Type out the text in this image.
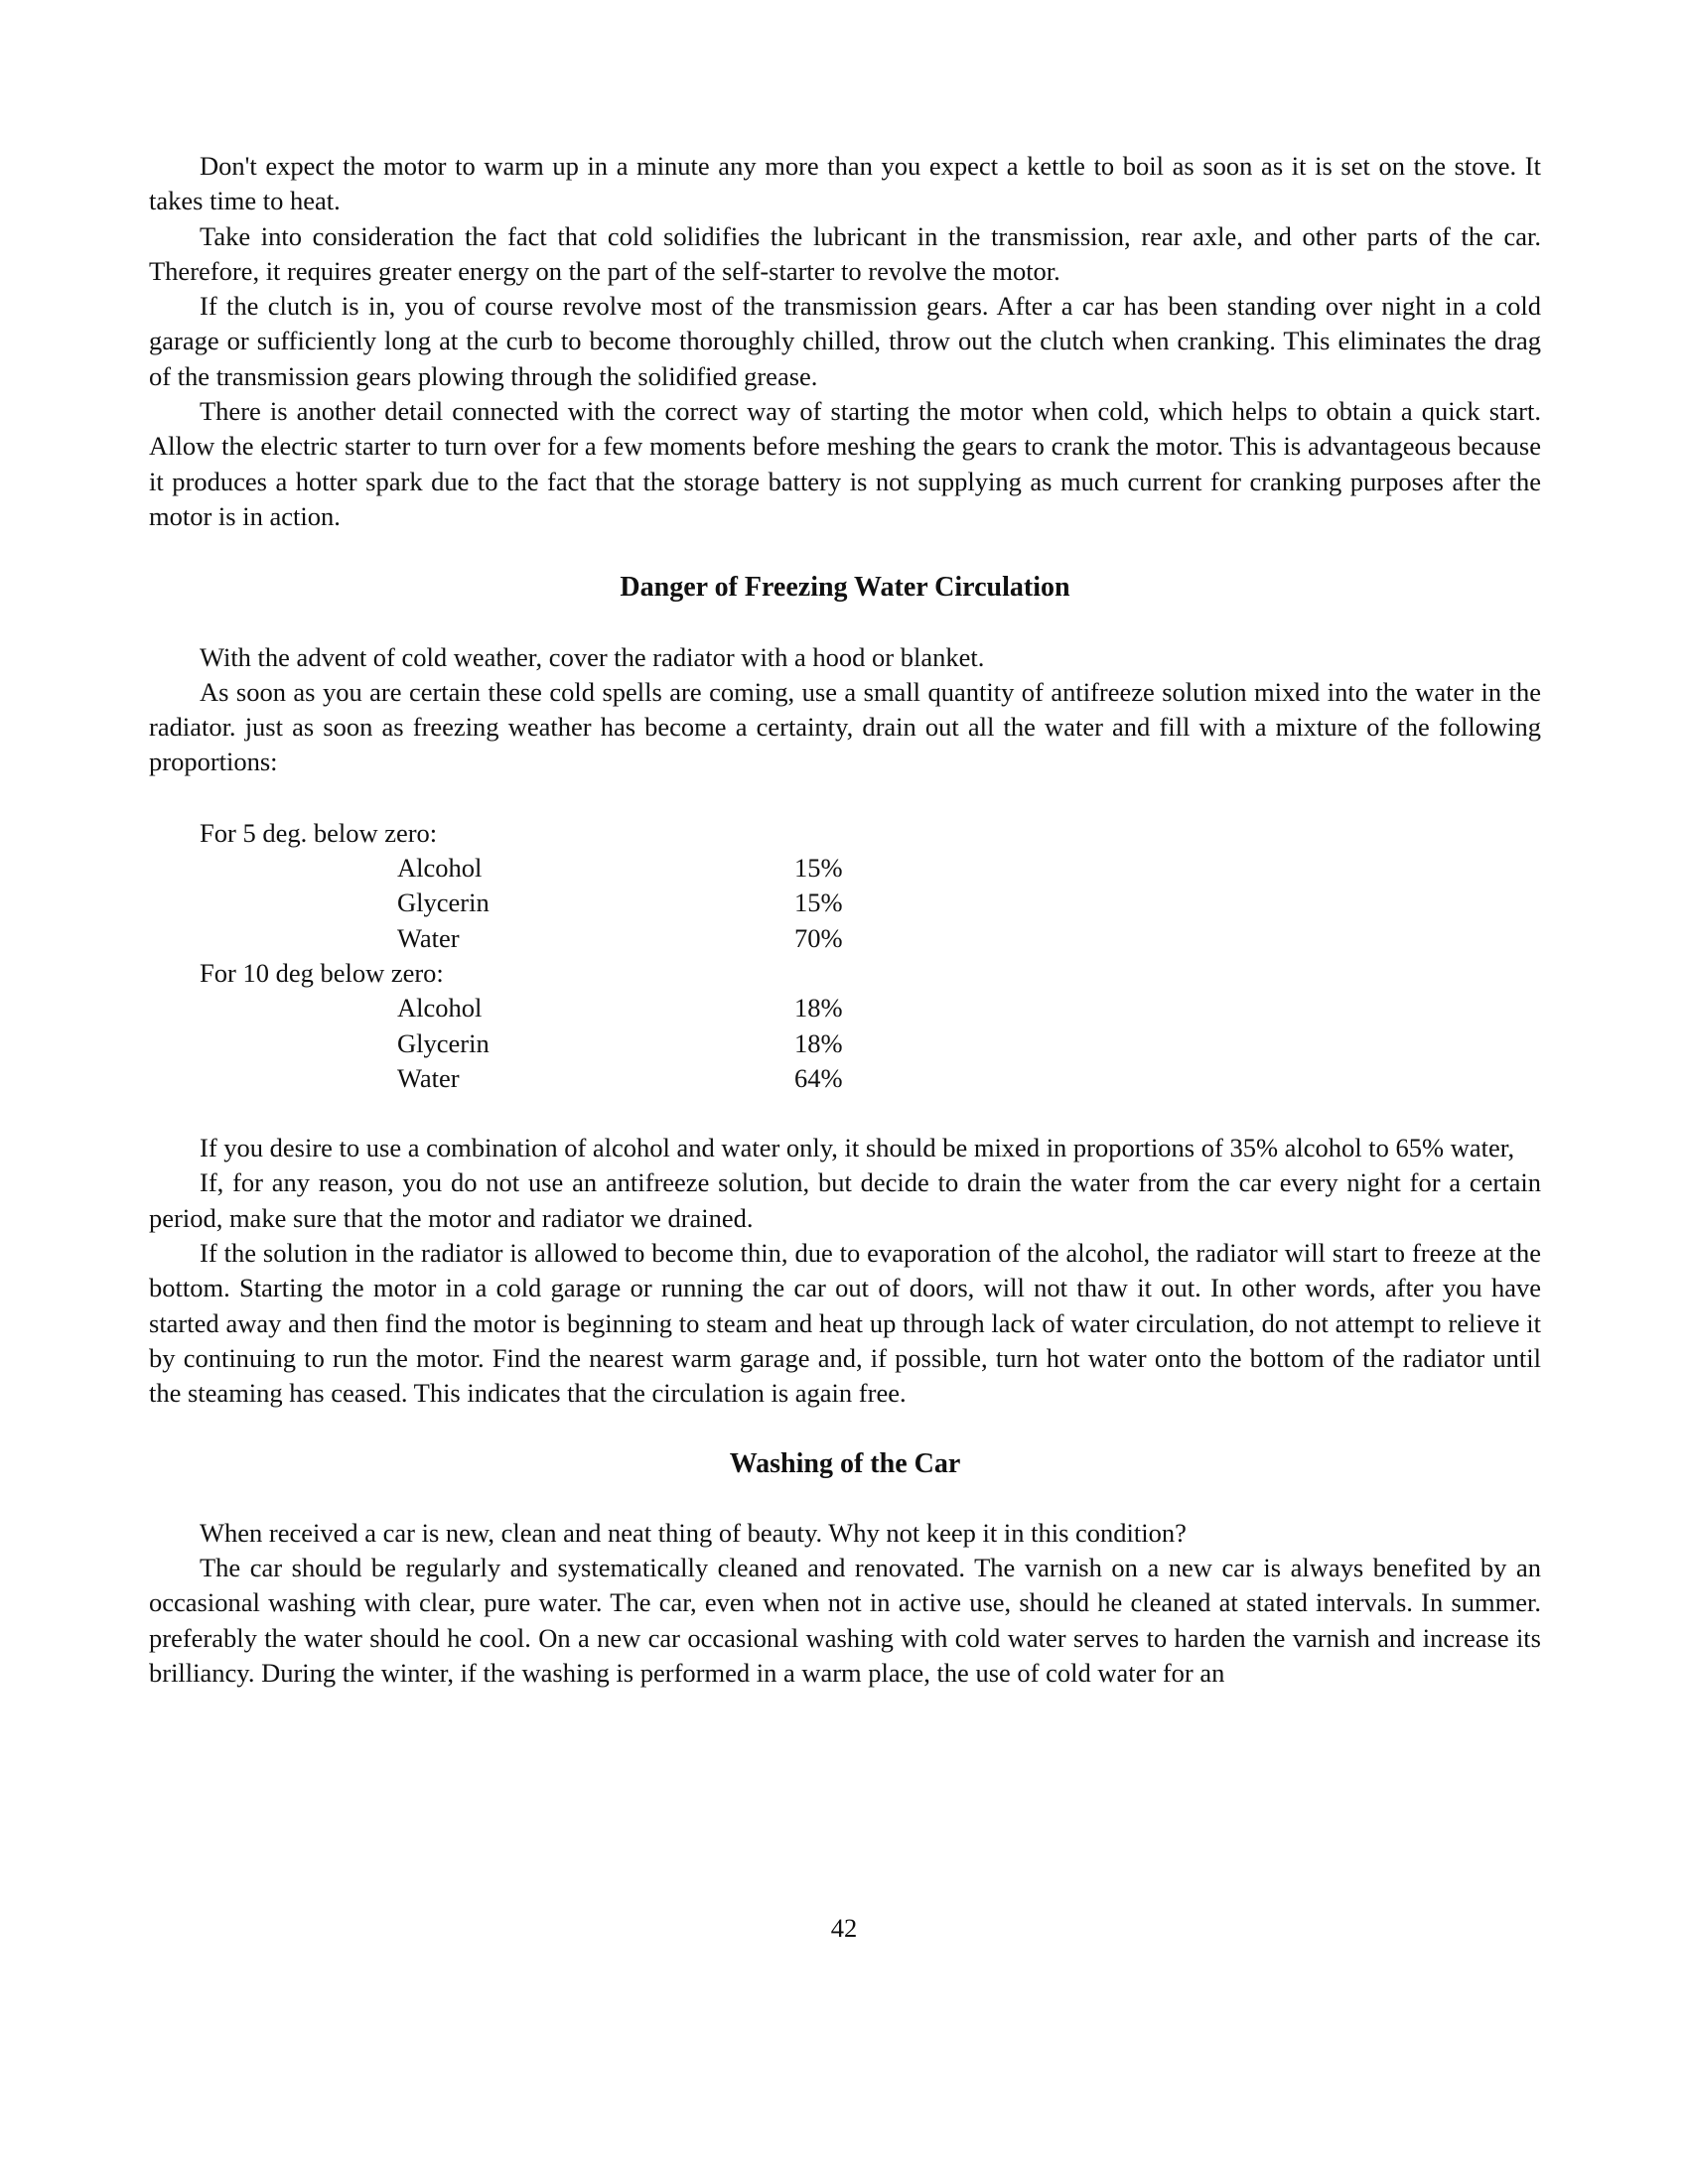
Don't expect the motor to warm up in a minute any more than you expect a kettle to boil as soon as it is set on the stove. It takes time to heat.

Take into consideration the fact that cold solidifies the lubricant in the transmission, rear axle, and other parts of the car. Therefore, it requires greater energy on the part of the self-starter to revolve the motor.

If the clutch is in, you of course revolve most of the transmission gears. After a car has been standing over night in a cold garage or sufficiently long at the curb to become thoroughly chilled, throw out the clutch when cranking. This eliminates the drag of the transmission gears plowing through the solidified grease.

There is another detail connected with the correct way of starting the motor when cold, which helps to obtain a quick start. Allow the electric starter to turn over for a few moments before meshing the gears to crank the motor. This is advantageous because it produces a hotter spark due to the fact that the storage battery is not supplying as much current for cranking purposes after the motor is in action.

Danger of Freezing Water Circulation

With the advent of cold weather, cover the radiator with a hood or blanket.

As soon as you are certain these cold spells are coming, use a small quantity of antifreeze solution mixed into the water in the radiator. just as soon as freezing weather has become a certainty, drain out all the water and fill with a mixture of the following proportions:

For 5 deg. below zero:

Alcohol	15%
Glycerin	15%
Water	70%

For 10 deg below zero:

Alcohol	18%
Glycerin	18%
Water	64%

If you desire to use a combination of alcohol and water only, it should be mixed in proportions of 35% alcohol to 65% water,

If, for any reason, you do not use an antifreeze solution, but decide to drain the water from the car every night for a certain period, make sure that the motor and radiator we drained.

If the solution in the radiator is allowed to become thin, due to evaporation of the alcohol, the radiator will start to freeze at the bottom. Starting the motor in a cold garage or running the car out of doors, will not thaw it out. In other words, after you have started away and then find the motor is beginning to steam and heat up through lack of water circulation, do not attempt to relieve it by continuing to run the motor. Find the nearest warm garage and, if possible, turn hot water onto the bottom of the radiator until the steaming has ceased. This indicates that the circulation is again free.

Washing of the Car

When received a car is new, clean and neat thing of beauty. Why not keep it in this condition?

The car should be regularly and systematically cleaned and renovated. The varnish on a new car is always benefited by an occasional washing with clear, pure water. The car, even when not in active use, should he cleaned at stated intervals. In summer. preferably the water should he cool. On a new car occasional washing with cold water serves to harden the varnish and increase its brilliancy. During the winter, if the washing is performed in a warm place, the use of cold water for an

42
